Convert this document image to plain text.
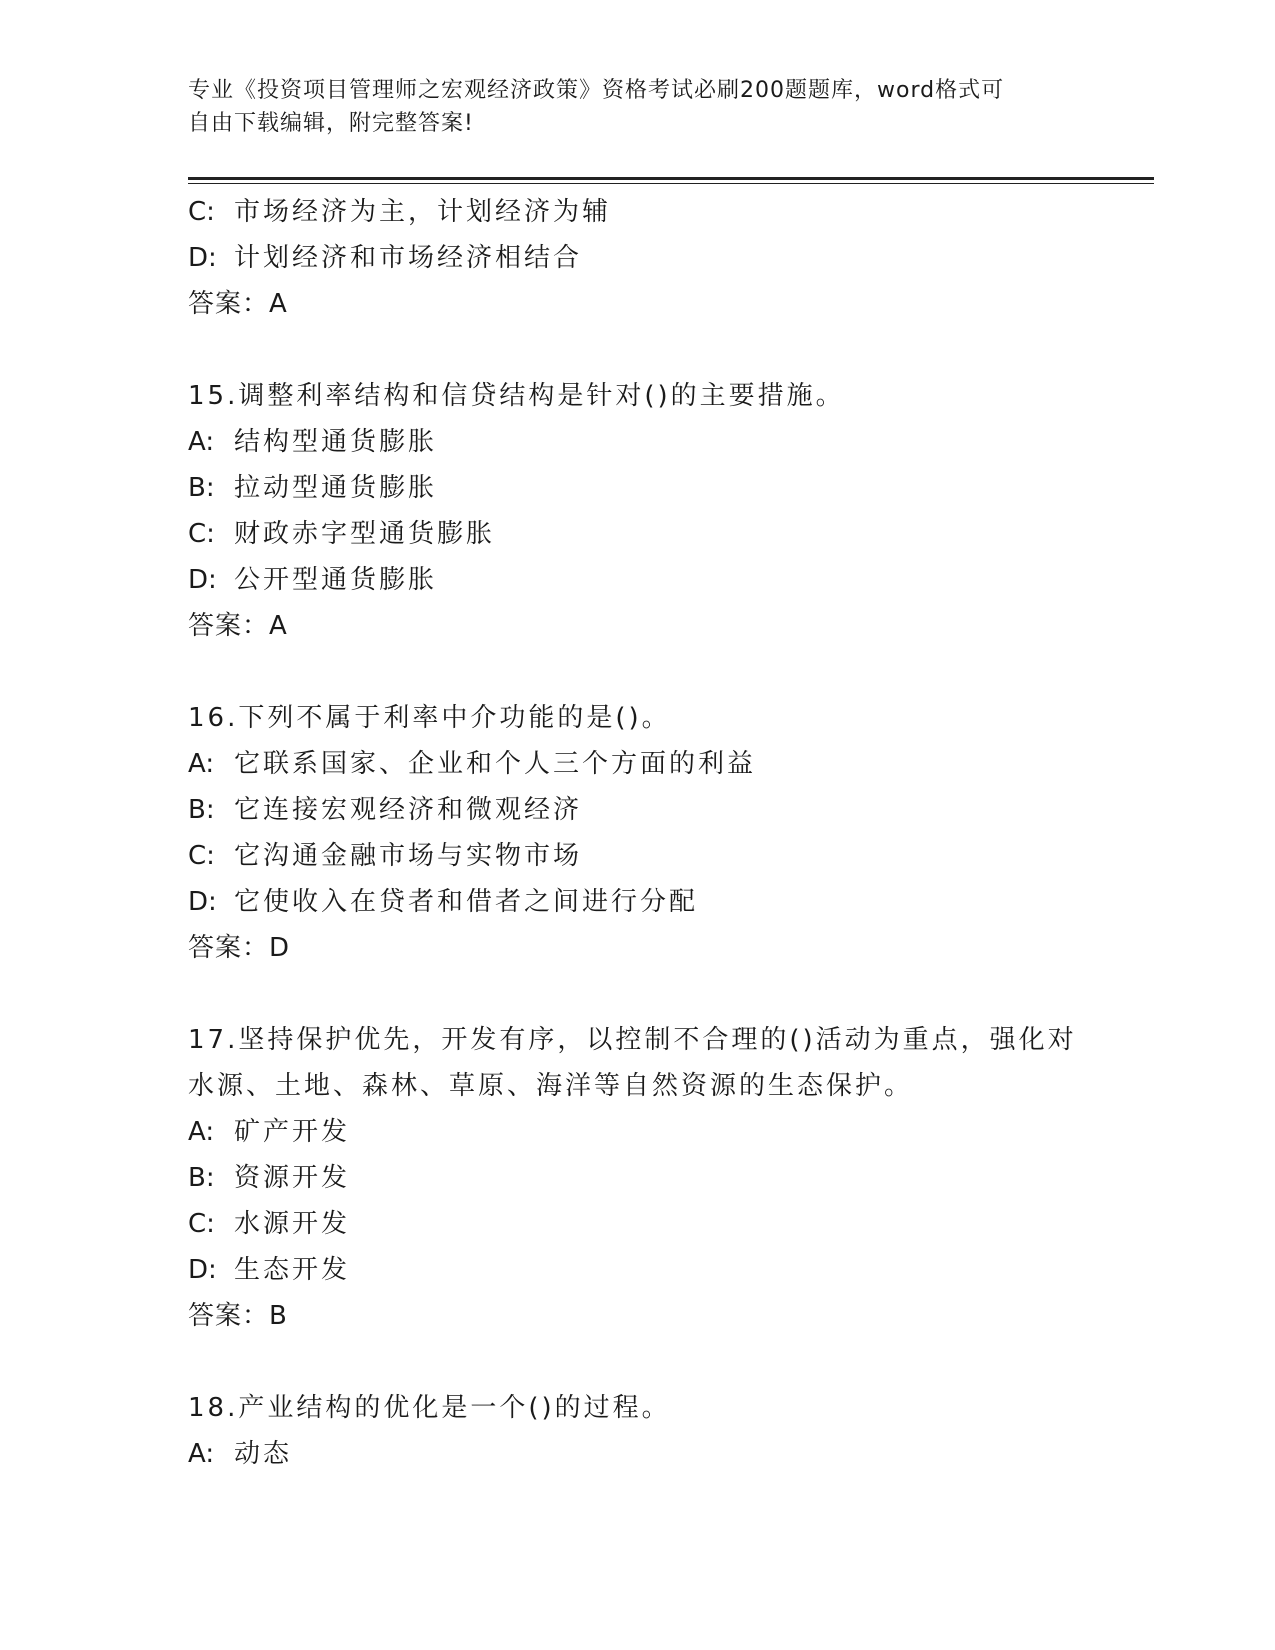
专业《投资项目管理师之宏观经济政策》资格考试必刷200题题库，word格式可
自由下载编辑，附完整答案!
C: 市场经济为主，计划经济为辅
D: 计划经济和市场经济相结合
答案：A
15.调整利率结构和信贷结构是针对()的主要措施。
A: 结构型通货膨胀
B: 拉动型通货膨胀
C: 财政赤字型通货膨胀
D: 公开型通货膨胀
答案：A
16.下列不属于利率中介功能的是()。
A: 它联系国家、企业和个人三个方面的利益
B: 它连接宏观经济和微观经济
C: 它沟通金融市场与实物市场
D: 它使收入在贷者和借者之间进行分配
答案：D
17.坚持保护优先，开发有序，以控制不合理的()活动为重点，强化对
水源、土地、森林、草原、海洋等自然资源的生态保护。
A: 矿产开发
B: 资源开发
C: 水源开发
D: 生态开发
答案：B
18.产业结构的优化是一个()的过程。
A: 动态
